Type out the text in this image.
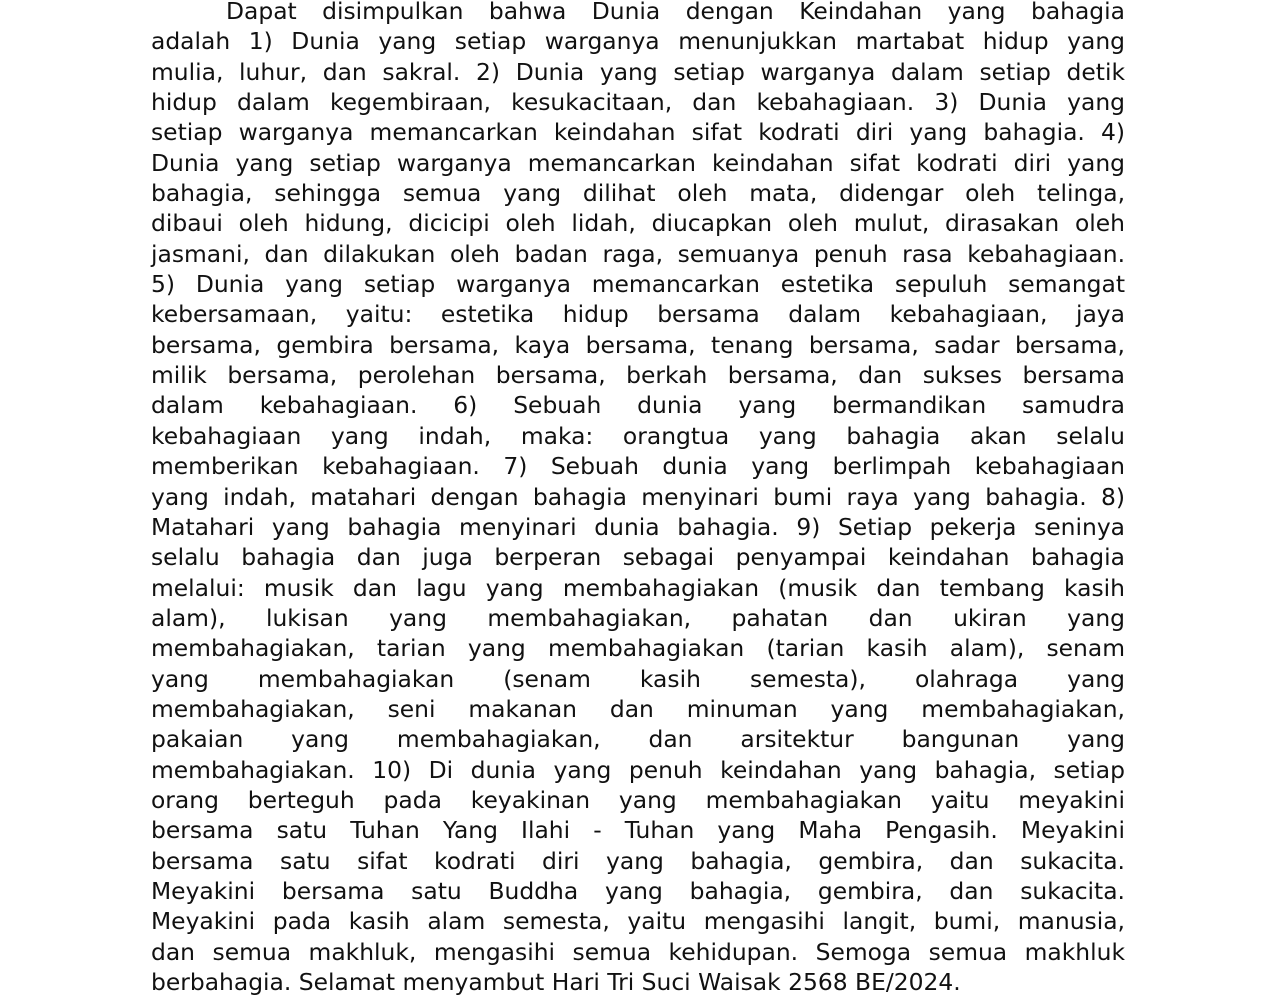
Dapat disimpulkan bahwa Dunia dengan Keindahan yang bahagia
adalah 1) Dunia yang setiap warganya menunjukkan martabat hidup yang
mulia, luhur, dan sakral. 2) Dunia yang setiap warganya dalam setiap detik
hidup dalam kegembiraan, kesukacitaan, dan kebahagiaan. 3) Dunia yang
setiap warganya memancarkan keindahan sifat kodrati diri yang bahagia. 4)
Dunia yang setiap warganya memancarkan keindahan sifat kodrati diri yang
bahagia, sehingga semua yang dilihat oleh mata, didengar oleh telinga,
dibaui oleh hidung, dicicipi oleh lidah, diucapkan oleh mulut, dirasakan oleh
jasmani, dan dilakukan oleh badan raga, semuanya penuh rasa kebahagiaan.
5) Dunia yang setiap warganya memancarkan estetika sepuluh semangat
kebersamaan, yaitu: estetika hidup bersama dalam kebahagiaan, jaya
bersama, gembira bersama, kaya bersama, tenang bersama, sadar bersama,
milik bersama, perolehan bersama, berkah bersama, dan sukses bersama
dalam kebahagiaan. 6) Sebuah dunia yang bermandikan samudra
kebahagiaan yang indah, maka: orangtua yang bahagia akan selalu
memberikan kebahagiaan. 7) Sebuah dunia yang berlimpah kebahagiaan
yang indah, matahari dengan bahagia menyinari bumi raya yang bahagia. 8)
Matahari yang bahagia menyinari dunia bahagia. 9) Setiap pekerja seninya
selalu bahagia dan juga berperan sebagai penyampai keindahan bahagia
melalui: musik dan lagu yang membahagiakan (musik dan tembang kasih
alam), lukisan yang membahagiakan, pahatan dan ukiran yang
membahagiakan, tarian yang membahagiakan (tarian kasih alam), senam
yang membahagiakan (senam kasih semesta), olahraga yang
membahagiakan, seni makanan dan minuman yang membahagiakan,
pakaian yang membahagiakan, dan arsitektur bangunan yang
membahagiakan. 10) Di dunia yang penuh keindahan yang bahagia, setiap
orang berteguh pada keyakinan yang membahagiakan yaitu meyakini
bersama satu Tuhan Yang Ilahi - Tuhan yang Maha Pengasih. Meyakini
bersama satu sifat kodrati diri yang bahagia, gembira, dan sukacita.
Meyakini bersama satu Buddha yang bahagia, gembira, dan sukacita.
Meyakini pada kasih alam semesta, yaitu mengasihi langit, bumi, manusia,
dan semua makhluk, mengasihi semua kehidupan. Semoga semua makhluk
berbahagia. Selamat menyambut Hari Tri Suci Waisak 2568 BE/2024.
